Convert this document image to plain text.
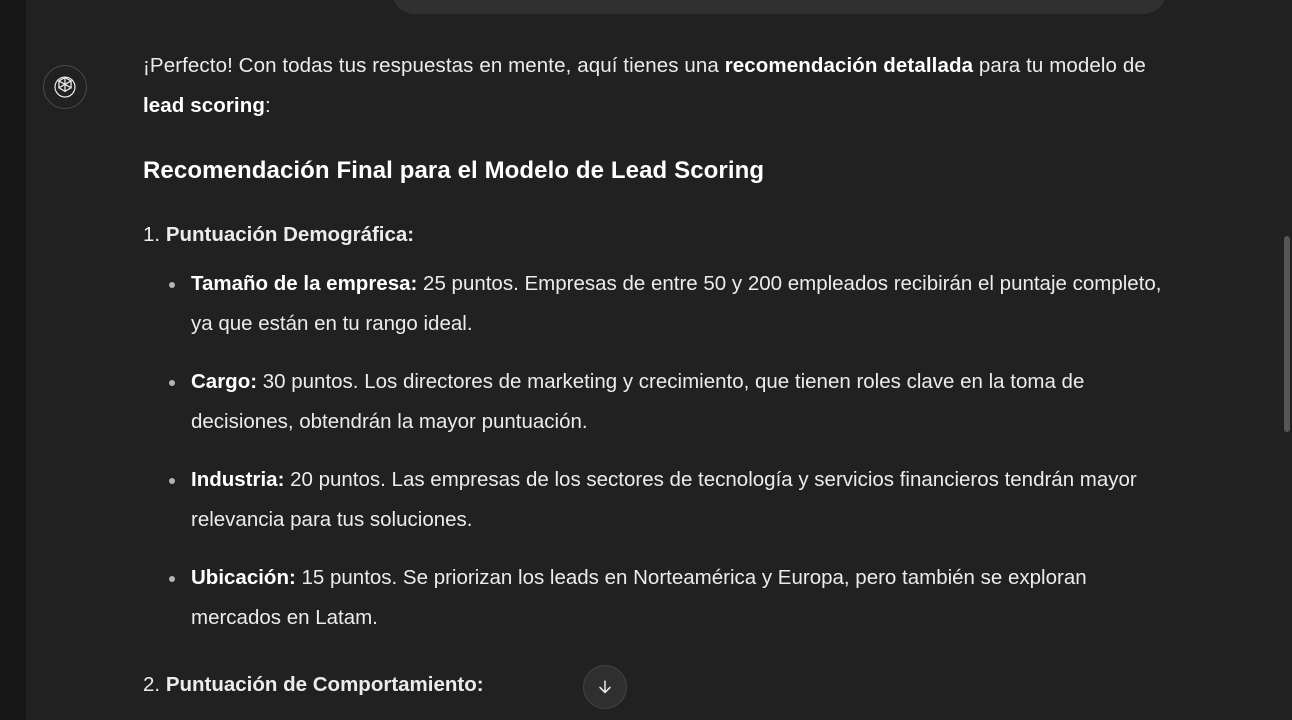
¡Perfecto! Con todas tus respuestas en mente, aquí tienes una recomendación detallada para tu modelo de lead scoring:

Recomendación Final para el Modelo de Lead Scoring

1. Puntuación Demográfica:

Tamaño de la empresa: 25 puntos. Empresas de entre 50 y 200 empleados recibirán el puntaje completo, ya que están en tu rango ideal.
Cargo: 30 puntos. Los directores de marketing y crecimiento, que tienen roles clave en la toma de decisiones, obtendrán la mayor puntuación.
Industria: 20 puntos. Las empresas de los sectores de tecnología y servicios financieros tendrán mayor relevancia para tus soluciones.
Ubicación: 15 puntos. Se priorizan los leads en Norteamérica y Europa, pero también se exploran mercados en Latam.

2. Puntuación de Comportamiento:
